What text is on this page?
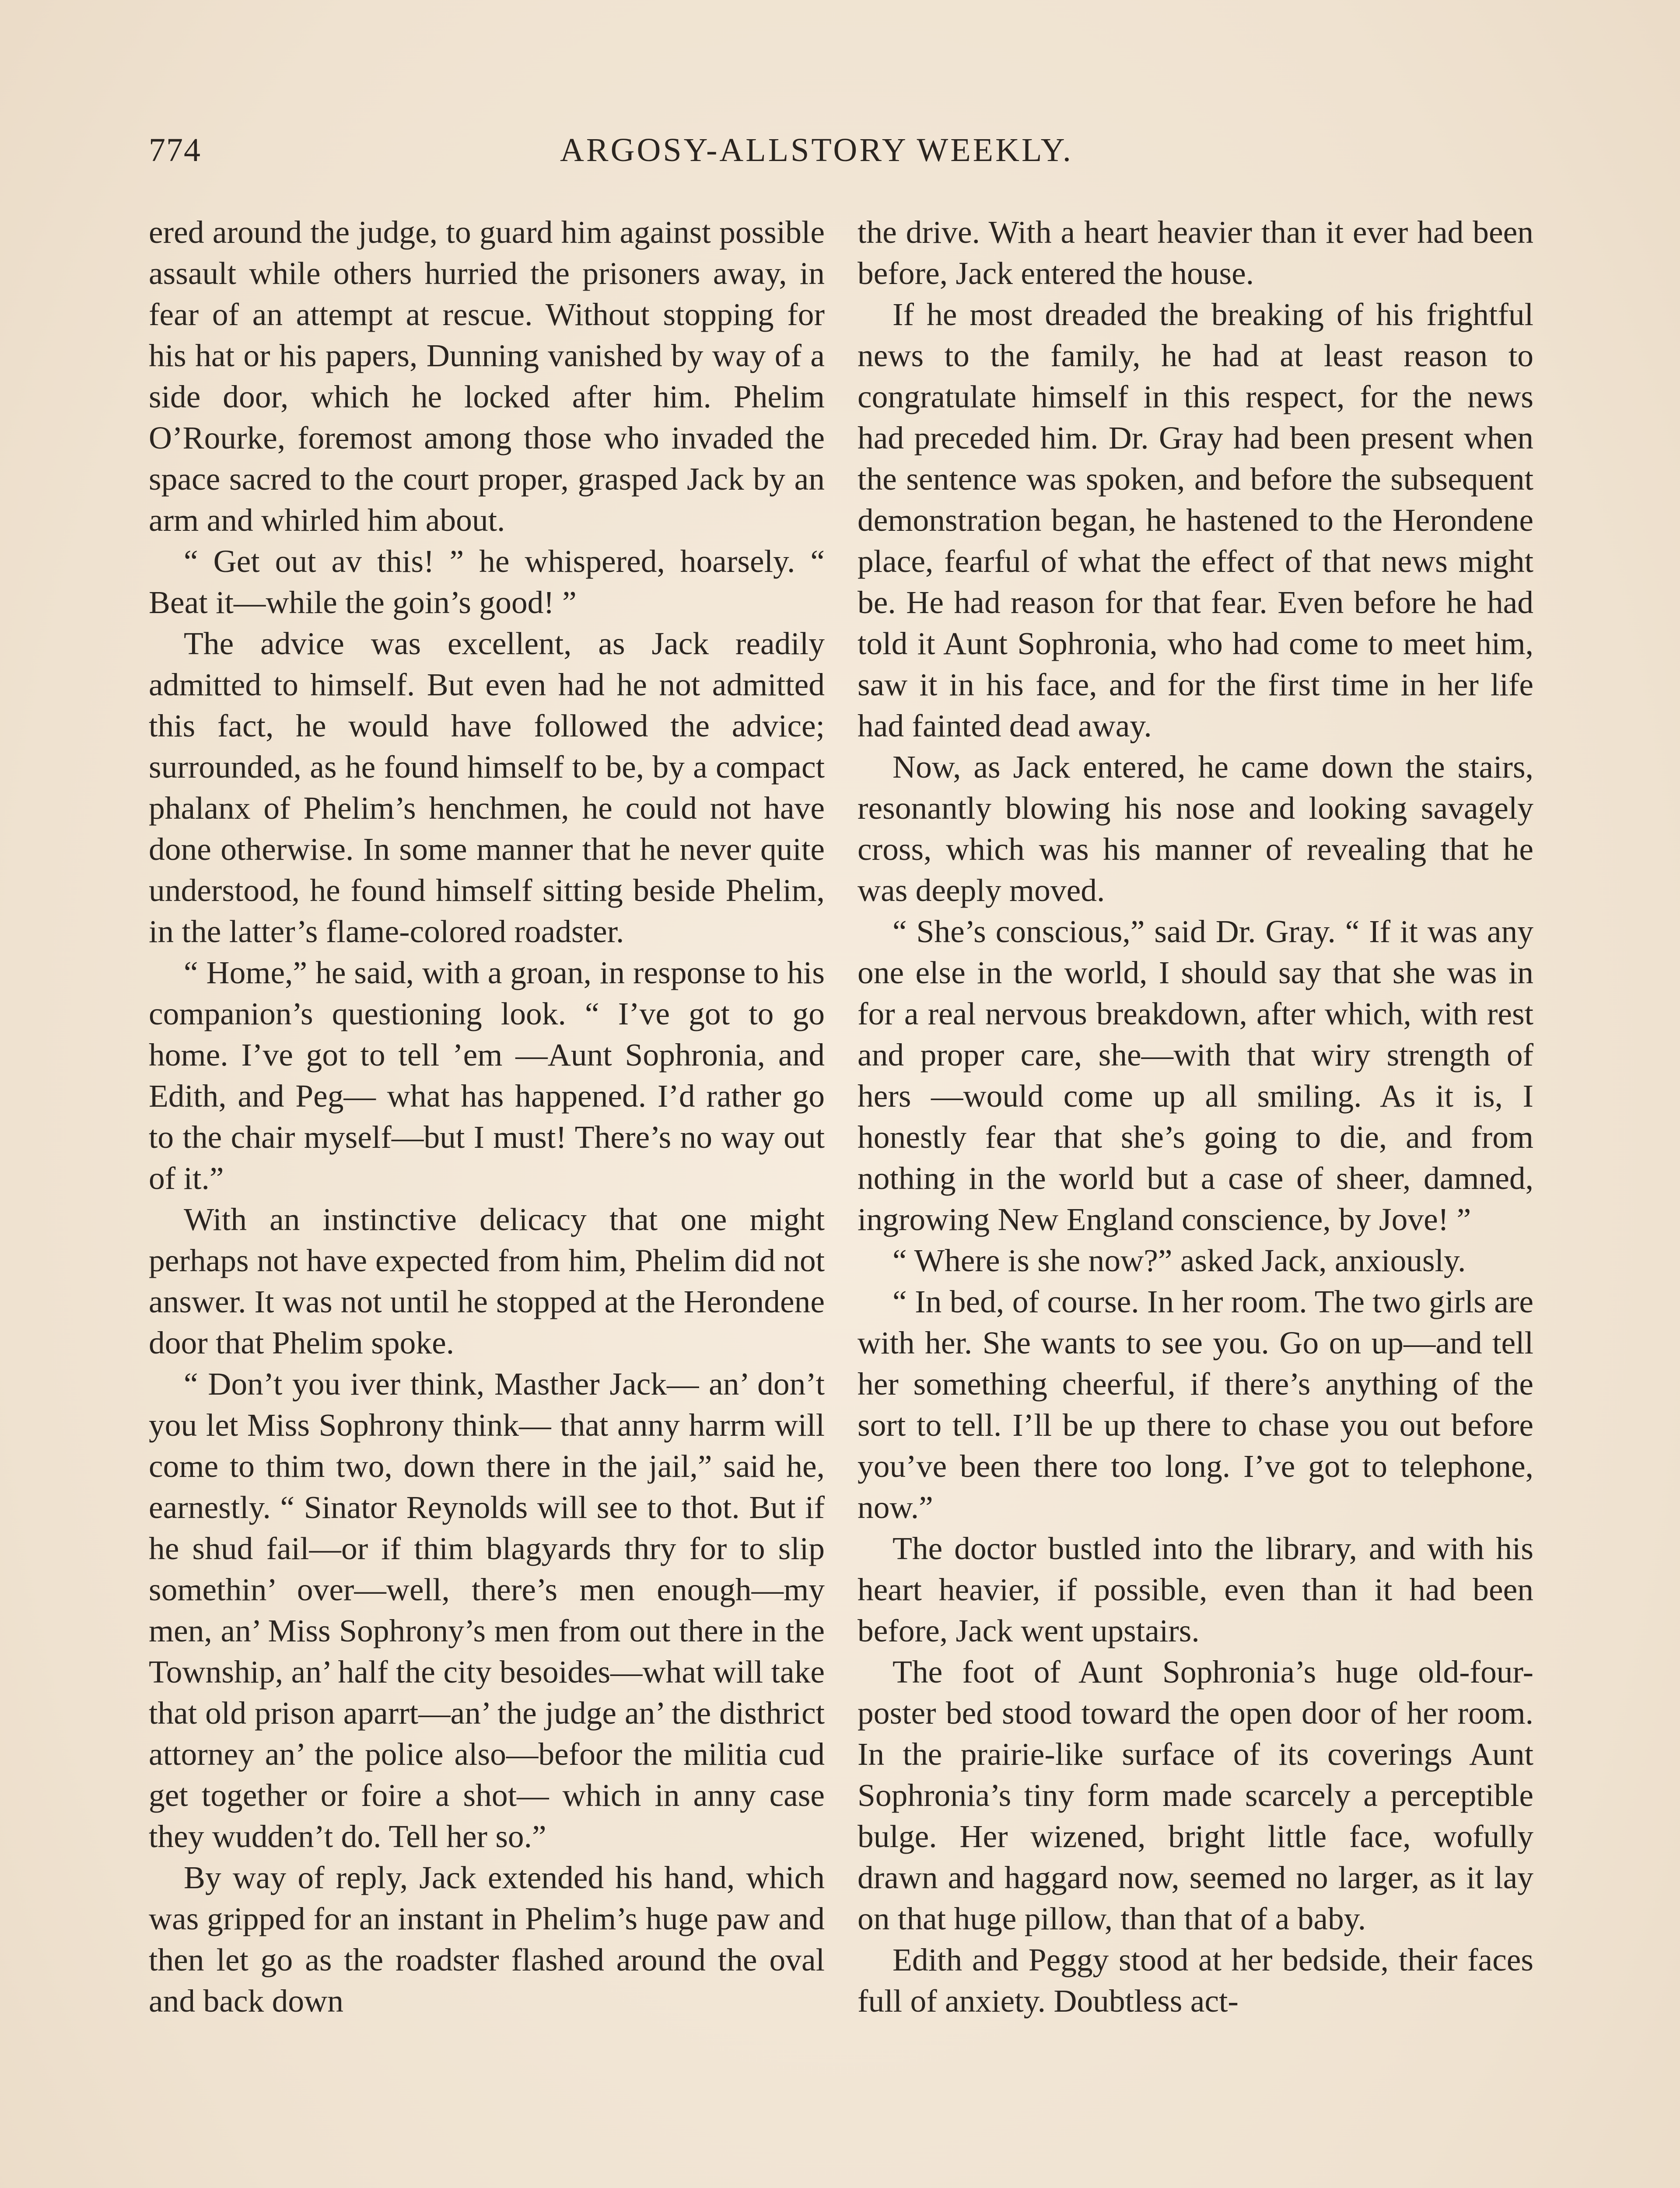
774	ARGOSY-ALLSTORY WEEKLY.

ered around the judge, to guard him against possible assault while others hurried the prisoners away, in fear of an attempt at rescue. Without stopping for his hat or his papers, Dunning vanished by way of a side door, which he locked after him. Phelim O’Rourke, foremost among those who invaded the space sacred to the court proper, grasped Jack by an arm and whirled him about.

“ Get out av this! ” he whispered, hoarsely. “ Beat it—while the goin’s good! ”

The advice was excellent, as Jack readily admitted to himself. But even had he not admitted this fact, he would have followed the advice; surrounded, as he found himself to be, by a compact phalanx of Phelim’s henchmen, he could not have done otherwise. In some manner that he never quite understood, he found himself sitting beside Phelim, in the latter’s flame-colored roadster.

“ Home,” he said, with a groan, in response to his companion’s questioning look. “ I’ve got to go home. I’ve got to tell ’em —Aunt Sophronia, and Edith, and Peg— what has happened. I’d rather go to the chair myself—but I must! There’s no way out of it.”

With an instinctive delicacy that one might perhaps not have expected from him, Phelim did not answer. It was not until he stopped at the Herondene door that Phelim spoke.

“ Don’t you iver think, Masther Jack— an’ don’t you let Miss Sophrony think— that anny harrm will come to thim two, down there in the jail,” said he, earnestly. “ Sinator Reynolds will see to thot. But if he shud fail—or if thim blagyards thry for to slip somethin’ over—well, there’s men enough—my men, an’ Miss Sophrony’s men from out there in the Township, an’ half the city besoides—what will take that old prison aparrt—an’ the judge an’ the disthrict attorney an’ the police also—befoor the militia cud get together or foire a shot— which in anny case they wudden’t do. Tell her so.”

By way of reply, Jack extended his hand, which was gripped for an instant in Phelim’s huge paw and then let go as the roadster flashed around the oval and back down

the drive. With a heart heavier than it ever had been before, Jack entered the house.

If he most dreaded the breaking of his frightful news to the family, he had at least reason to congratulate himself in this respect, for the news had preceded him. Dr. Gray had been present when the sentence was spoken, and before the subsequent demonstration began, he hastened to the Herondene place, fearful of what the effect of that news might be. He had reason for that fear. Even before he had told it Aunt Sophronia, who had come to meet him, saw it in his face, and for the first time in her life had fainted dead away.

Now, as Jack entered, he came down the stairs, resonantly blowing his nose and looking savagely cross, which was his manner of revealing that he was deeply moved.

“ She’s conscious,” said Dr. Gray. “ If it was any one else in the world, I should say that she was in for a real nervous breakdown, after which, with rest and proper care, she—with that wiry strength of hers —would come up all smiling. As it is, I honestly fear that she’s going to die, and from nothing in the world but a case of sheer, damned, ingrowing New England conscience, by Jove! ”

“ Where is she now?” asked Jack, anxiously.

“ In bed, of course. In her room. The two girls are with her. She wants to see you. Go on up—and tell her something cheerful, if there’s anything of the sort to tell. I’ll be up there to chase you out before you’ve been there too long. I’ve got to telephone, now.”

The doctor bustled into the library, and with his heart heavier, if possible, even than it had been before, Jack went upstairs.

The foot of Aunt Sophronia’s huge old-four-poster bed stood toward the open door of her room. In the prairie-like surface of its coverings Aunt Sophronia’s tiny form made scarcely a perceptible bulge. Her wizened, bright little face, wofully drawn and haggard now, seemed no larger, as it lay on that huge pillow, than that of a baby.

Edith and Peggy stood at her bedside, their faces full of anxiety. Doubtless act-
